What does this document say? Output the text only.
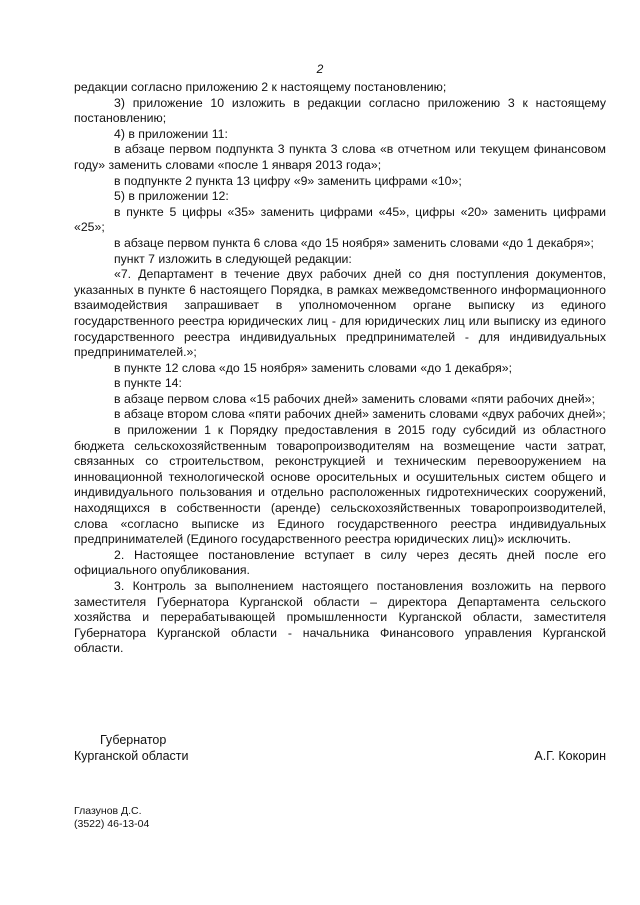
2

редакции согласно приложению 2 к настоящему постановлению;

3) приложение 10 изложить в редакции согласно приложению 3 к настоящему постановлению;

4) в приложении 11:

в абзаце первом подпункта 3 пункта 3 слова «в отчетном или текущем финансовом году» заменить словами «после 1 января 2013 года»;

в подпункте 2 пункта 13 цифру «9» заменить цифрами «10»;

5) в приложении 12:

в пункте 5 цифры «35» заменить цифрами «45», цифры «20» заменить цифрами «25»;

в абзаце первом пункта 6 слова «до 15 ноября» заменить словами «до 1 декабря»;

пункт 7 изложить в следующей редакции:

«7. Департамент в течение двух рабочих дней со дня поступления документов, указанных в пункте 6 настоящего Порядка, в рамках межведомственного информационного взаимодействия запрашивает в уполномоченном органе выписку из единого государственного реестра юридических лиц - для юридических лиц или выписку из единого государственного реестра индивидуальных предпринимателей - для индивидуальных предпринимателей.»;

в пункте 12 слова «до 15 ноября» заменить словами «до 1 декабря»;

в пункте 14:

в абзаце первом слова «15 рабочих дней» заменить словами «пяти рабочих дней»;

в абзаце втором слова «пяти рабочих дней» заменить словами «двух рабочих дней»;

в приложении 1 к Порядку предоставления в 2015 году субсидий из областного бюджета сельскохозяйственным товаропроизводителям на возмещение части затрат, связанных со строительством, реконструкцией и техническим перевооружением на инновационной технологической основе оросительных и осушительных систем общего и индивидуального пользования и отдельно расположенных гидротехнических сооружений, находящихся в собственности (аренде) сельскохозяйственных товаропроизводителей, слова «согласно выписке из Единого государственного реестра индивидуальных предпринимателей (Единого государственного реестра юридических лиц)» исключить.

2. Настоящее постановление вступает в силу через десять дней после его официального опубликования.

3. Контроль за выполнением настоящего постановления возложить на первого заместителя Губернатора Курганской области – директора Департамента сельского хозяйства и перерабатывающей промышленности Курганской области, заместителя Губернатора Курганской области - начальника Финансового управления Курганской области.

Губернатор

Курганской области	А.Г. Кокорин

Глазунов Д.С.

(3522) 46-13-04
